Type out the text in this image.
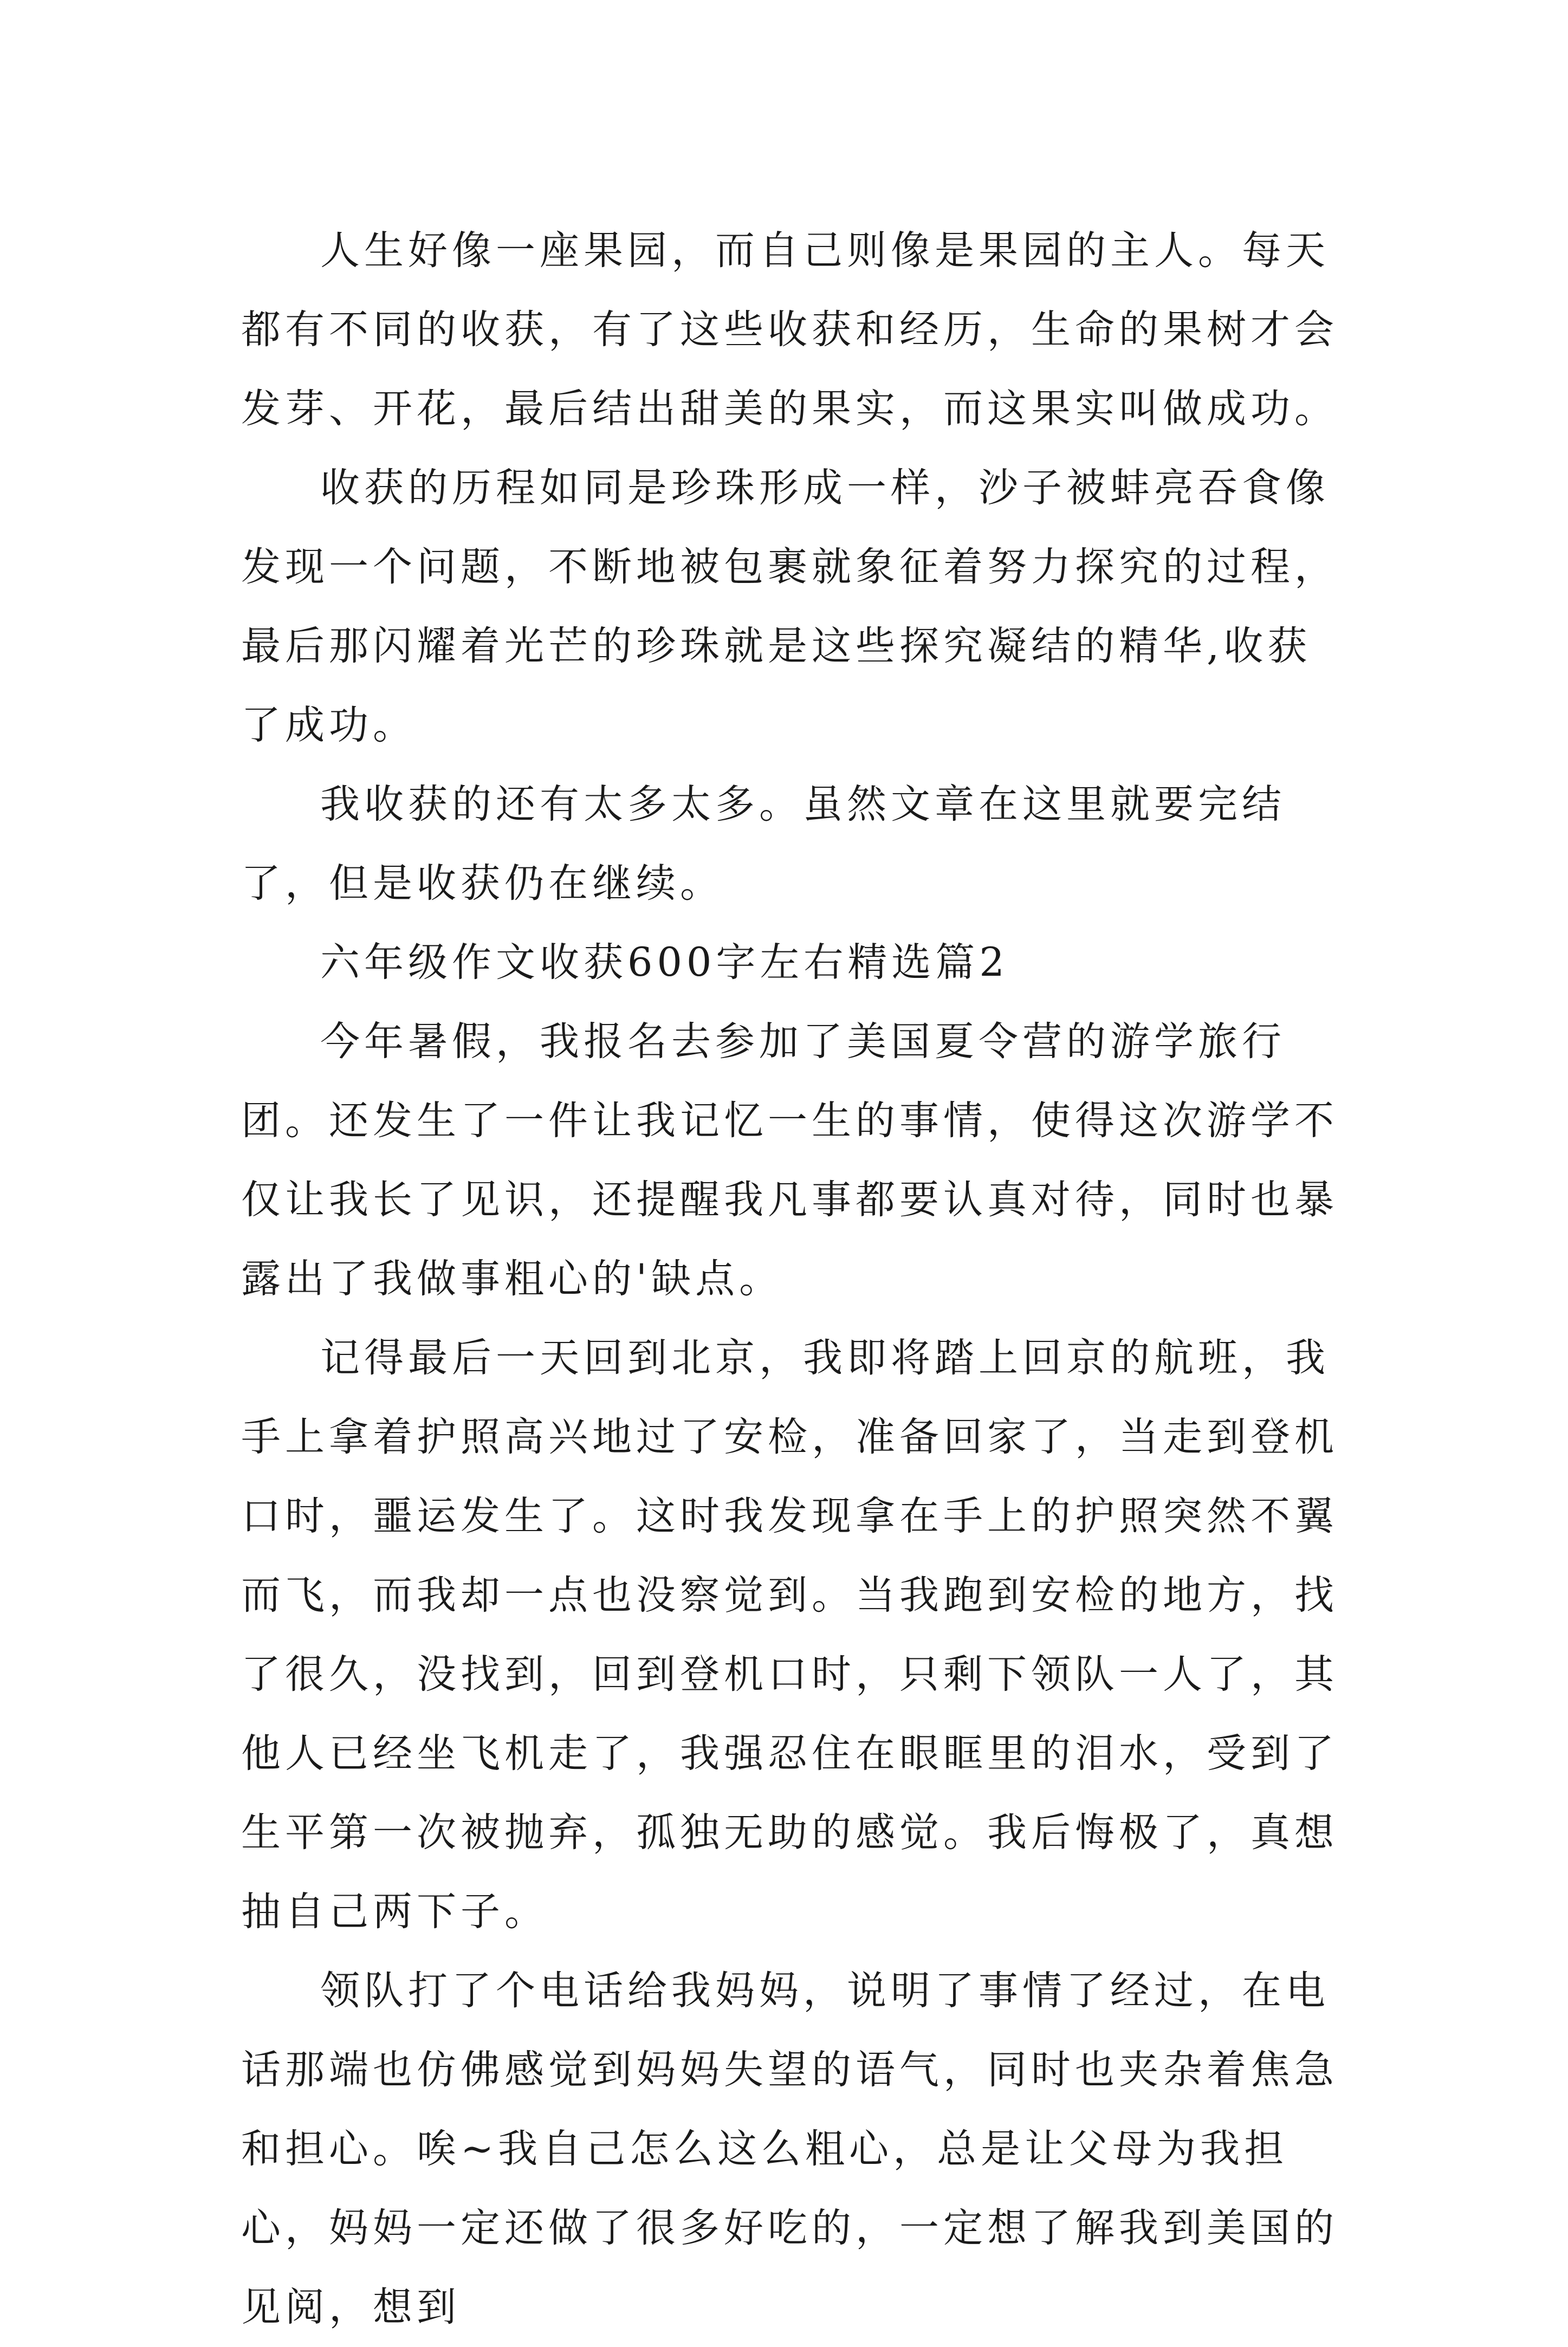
人生好像一座果园，而自己则像是果园的主人。每天都有不同的收获，有了这些收获和经历，生命的果树才会发芽、开花，最后结出甜美的果实，而这果实叫做成功。

收获的历程如同是珍珠形成一样，沙子被蚌亮吞食像发现一个问题，不断地被包裹就象征着努力探究的过程，最后那闪耀着光芒的珍珠就是这些探究凝结的精华,收获了成功。

我收获的还有太多太多。虽然文章在这里就要完结了，但是收获仍在继续。

六年级作文收获600字左右精选篇2

今年暑假，我报名去参加了美国夏令营的游学旅行团。还发生了一件让我记忆一生的事情，使得这次游学不仅让我长了见识，还提醒我凡事都要认真对待，同时也暴露出了我做事粗心的'缺点。

记得最后一天回到北京，我即将踏上回京的航班，我手上拿着护照高兴地过了安检，准备回家了，当走到登机口时，噩运发生了。这时我发现拿在手上的护照突然不翼而飞，而我却一点也没察觉到。当我跑到安检的地方，找了很久，没找到，回到登机口时，只剩下领队一人了，其他人已经坐飞机走了，我强忍住在眼眶里的泪水，受到了生平第一次被抛弃，孤独无助的感觉。我后悔极了，真想抽自己两下子。

领队打了个电话给我妈妈，说明了事情了经过，在电话那端也仿佛感觉到妈妈失望的语气，同时也夹杂着焦急和担心。唉~我自己怎么这么粗心，总是让父母为我担心，妈妈一定还做了很多好吃的，一定想了解我到美国的见阅，想到
